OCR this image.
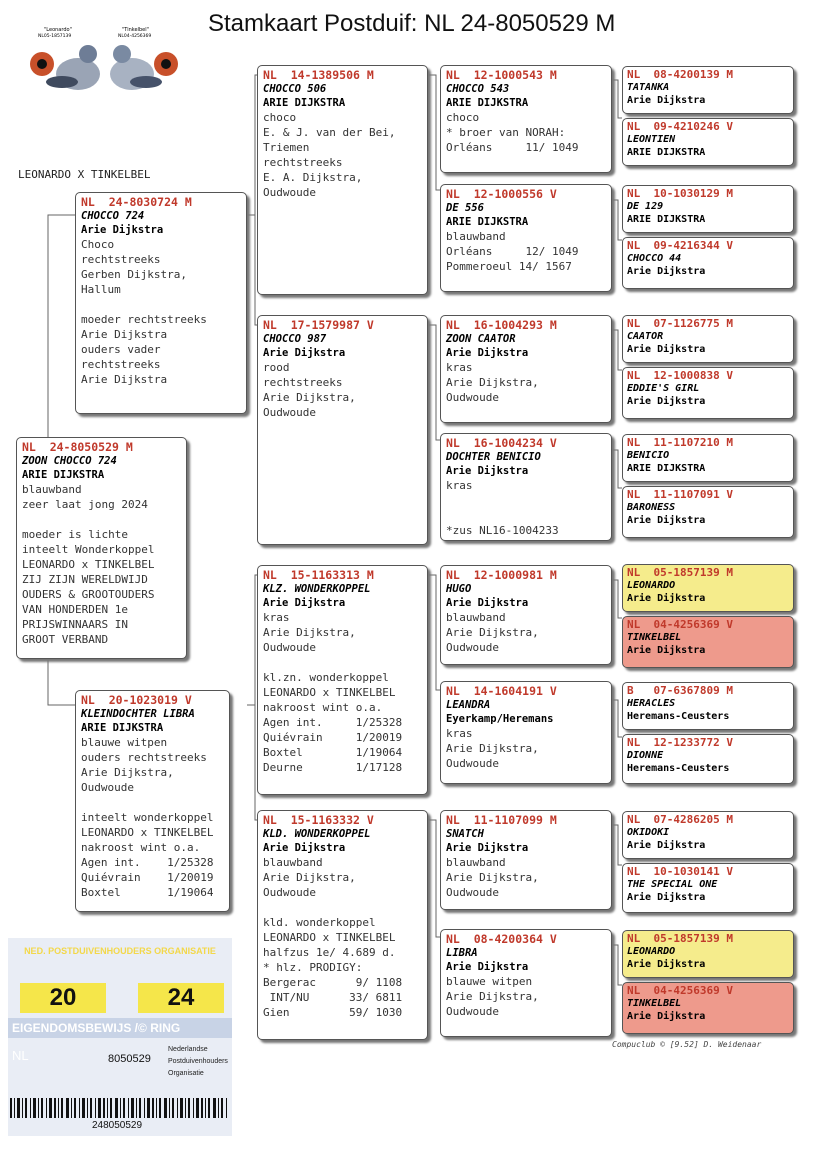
Stamkaart Postduif: NL 24-8050529 M
"Leonardo"
NL05-1857139
"Tinkelbel"
NL04-4256369
LEONARDO X TINKELBEL
NL  24-8050529 M
ZOON CHOCCO 724
ARIE DIJKSTRA
blauwband
zeer laat jong 2024

moeder is lichte
inteelt Wonderkoppel
LEONARDO x TINKELBEL
ZIJ ZIJN WERELDWIJD
OUDERS & GROOTOUDERS
VAN HONDERDEN 1e
PRIJSWINNAARS IN
GROOT VERBAND
NL  24-8030724 M
CHOCCO 724
Arie Dijkstra
Choco
rechtstreeks
Gerben Dijkstra,
Hallum

moeder rechtstreeks
Arie Dijkstra
ouders vader
rechtstreeks
Arie Dijkstra
NL  20-1023019 V
KLEINDOCHTER LIBRA
ARIE DIJKSTRA
blauwe witpen
ouders rechtstreeks
Arie Dijkstra,
Oudwoude

inteelt wonderkoppel
LEONARDO x TINKELBEL
nakroost wint o.a.
Agen int.    1/25328
Quiévrain    1/20019
Boxtel       1/19064
NL  14-1389506 M
CHOCCO 506
ARIE DIJKSTRA
choco
E. & J. van der Bei,
Triemen
rechtstreeks
E. A. Dijkstra,
Oudwoude
NL  17-1579987 V
CHOCCO 987
Arie Dijkstra
rood
rechtstreeks
Arie Dijkstra,
Oudwoude
NL  15-1163313 M
KLZ. WONDERKOPPEL
Arie Dijkstra
kras
Arie Dijkstra,
Oudwoude

kl.zn. wonderkoppel
LEONARDO x TINKELBEL
nakroost wint o.a.
Agen int.     1/25328
Quiévrain     1/20019
Boxtel        1/19064
Deurne        1/17128
NL  15-1163332 V
KLD. WONDERKOPPEL
Arie Dijkstra
blauwband
Arie Dijkstra,
Oudwoude

kld. wonderkoppel
LEONARDO x TINKELBEL
halfzus 1e/ 4.689 d.
* hlz. PRODIGY:
Bergerac      9/ 1108
INT/NU      33/ 6811
Gien         59/ 1030
NL  12-1000543 M
CHOCCO 543
ARIE DIJKSTRA
choco
* broer van NORAH:
Orléans     11/ 1049
NL  12-1000556 V
DE 556
ARIE DIJKSTRA
blauwband
Orléans     12/ 1049
Pommeroeul 14/ 1567
NL  16-1004293 M
ZOON CAATOR
Arie Dijkstra
kras
Arie Dijkstra,
Oudwoude
NL  16-1004234 V
DOCHTER BENICIO
Arie Dijkstra
kras

*zus NL16-1004233
NL  12-1000981 M
HUGO
Arie Dijkstra
blauwband
Arie Dijkstra,
Oudwoude
NL  14-1604191 V
LEANDRA
Eyerkamp/Heremans
kras
Arie Dijkstra,
Oudwoude
NL  11-1107099 M
SNATCH
Arie Dijkstra
blauwband
Arie Dijkstra,
Oudwoude
NL  08-4200364 V
LIBRA
Arie Dijkstra
blauwe witpen
Arie Dijkstra,
Oudwoude
NL  08-4200139 M
TATANKA
Arie Dijkstra
NL  09-4210246 V
LEONTIEN
ARIE DIJKSTRA
NL  10-1030129 M
DE 129
ARIE DIJKSTRA
NL  09-4216344 V
CHOCCO 44
Arie Dijkstra
NL  07-1126775 M
CAATOR
Arie Dijkstra
NL  12-1000838 V
EDDIE'S GIRL
Arie Dijkstra
NL  11-1107210 M
BENICIO
ARIE DIJKSTRA
NL  11-1107091 V
BARONESS
Arie Dijkstra
NL  05-1857139 M
LEONARDO
Arie Dijkstra
NL  04-4256369 V
TINKELBEL
Arie Dijkstra
B   07-6367809 M
HERACLES
Heremans-Ceusters
NL  12-1233772 V
DIONNE
Heremans-Ceusters
NL  07-4286205 M
OKIDOKI
Arie Dijkstra
NL  10-1030141 V
THE SPECIAL ONE
Arie Dijkstra
NL  05-1857139 M
LEONARDO
Arie Dijkstra
NL  04-4256369 V
TINKELBEL
Arie Dijkstra
Compuclub © [9.52] D. Weidenaar
NED. POSTDUIVENHOUDERS ORGANISATIE
20	24
EIGENDOMSBEWIJS /© RING
NL	8050529
Nederlandse
Postduivenhouders
Organisatie
248050529
